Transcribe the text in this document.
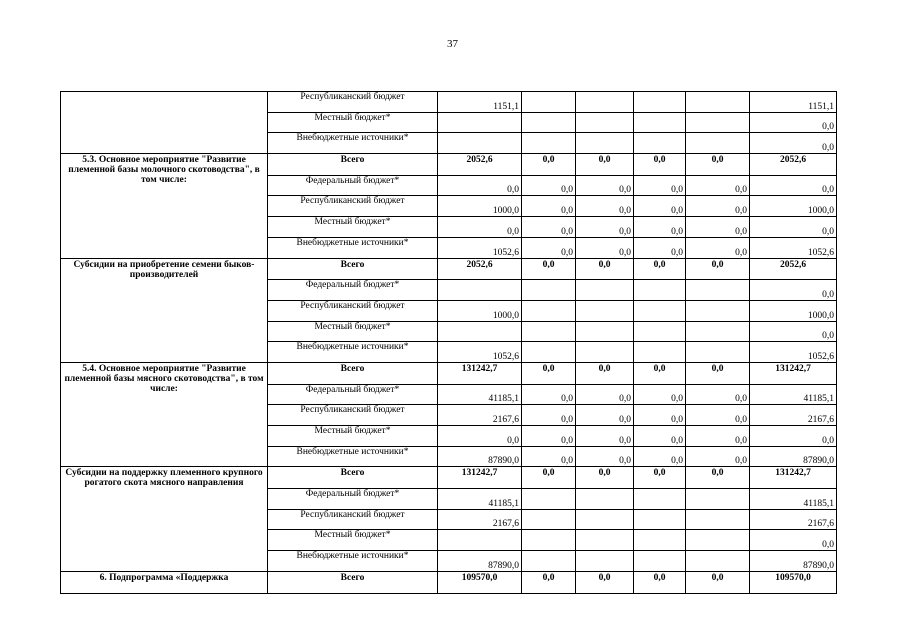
37
	Республиканский бюджет	1151,1					1151,1
	Местный бюджет*						0,0
	Внебюджетные источники*						0,0
5.3. Основное мероприятие "Развитие племенной базы молочного скотоводства", в том числе:	Всего	2052,6	0,0	0,0	0,0	0,0	2052,6
	Федеральный бюджет*	0,0	0,0	0,0	0,0	0,0	0,0
	Республиканский бюджет	1000,0	0,0	0,0	0,0	0,0	1000,0
	Местный бюджет*	0,0	0,0	0,0	0,0	0,0	0,0
	Внебюджетные источники*	1052,6	0,0	0,0	0,0	0,0	1052,6
Субсидии на приобретение семени быков-производителей	Всего	2052,6	0,0	0,0	0,0	0,0	2052,6
	Федеральный бюджет*						0,0
	Республиканский бюджет	1000,0					1000,0
	Местный бюджет*						0,0
	Внебюджетные источники*	1052,6					1052,6
5.4. Основное мероприятие "Развитие племенной базы мясного скотоводства", в том числе:	Всего	131242,7	0,0	0,0	0,0	0,0	131242,7
	Федеральный бюджет*	41185,1	0,0	0,0	0,0	0,0	41185,1
	Республиканский бюджет	2167,6	0,0	0,0	0,0	0,0	2167,6
	Местный бюджет*	0,0	0,0	0,0	0,0	0,0	0,0
	Внебюджетные источники*	87890,0	0,0	0,0	0,0	0,0	87890,0
Субсидии на поддержку племенного крупного рогатого скота мясного направления	Всего	131242,7	0,0	0,0	0,0	0,0	131242,7
	Федеральный бюджет*	41185,1					41185,1
	Республиканский бюджет	2167,6					2167,6
	Местный бюджет*						0,0
	Внебюджетные источники*	87890,0					87890,0
6. Подпрограмма «Поддержка	Всего	109570,0	0,0	0,0	0,0	0,0	109570,0
